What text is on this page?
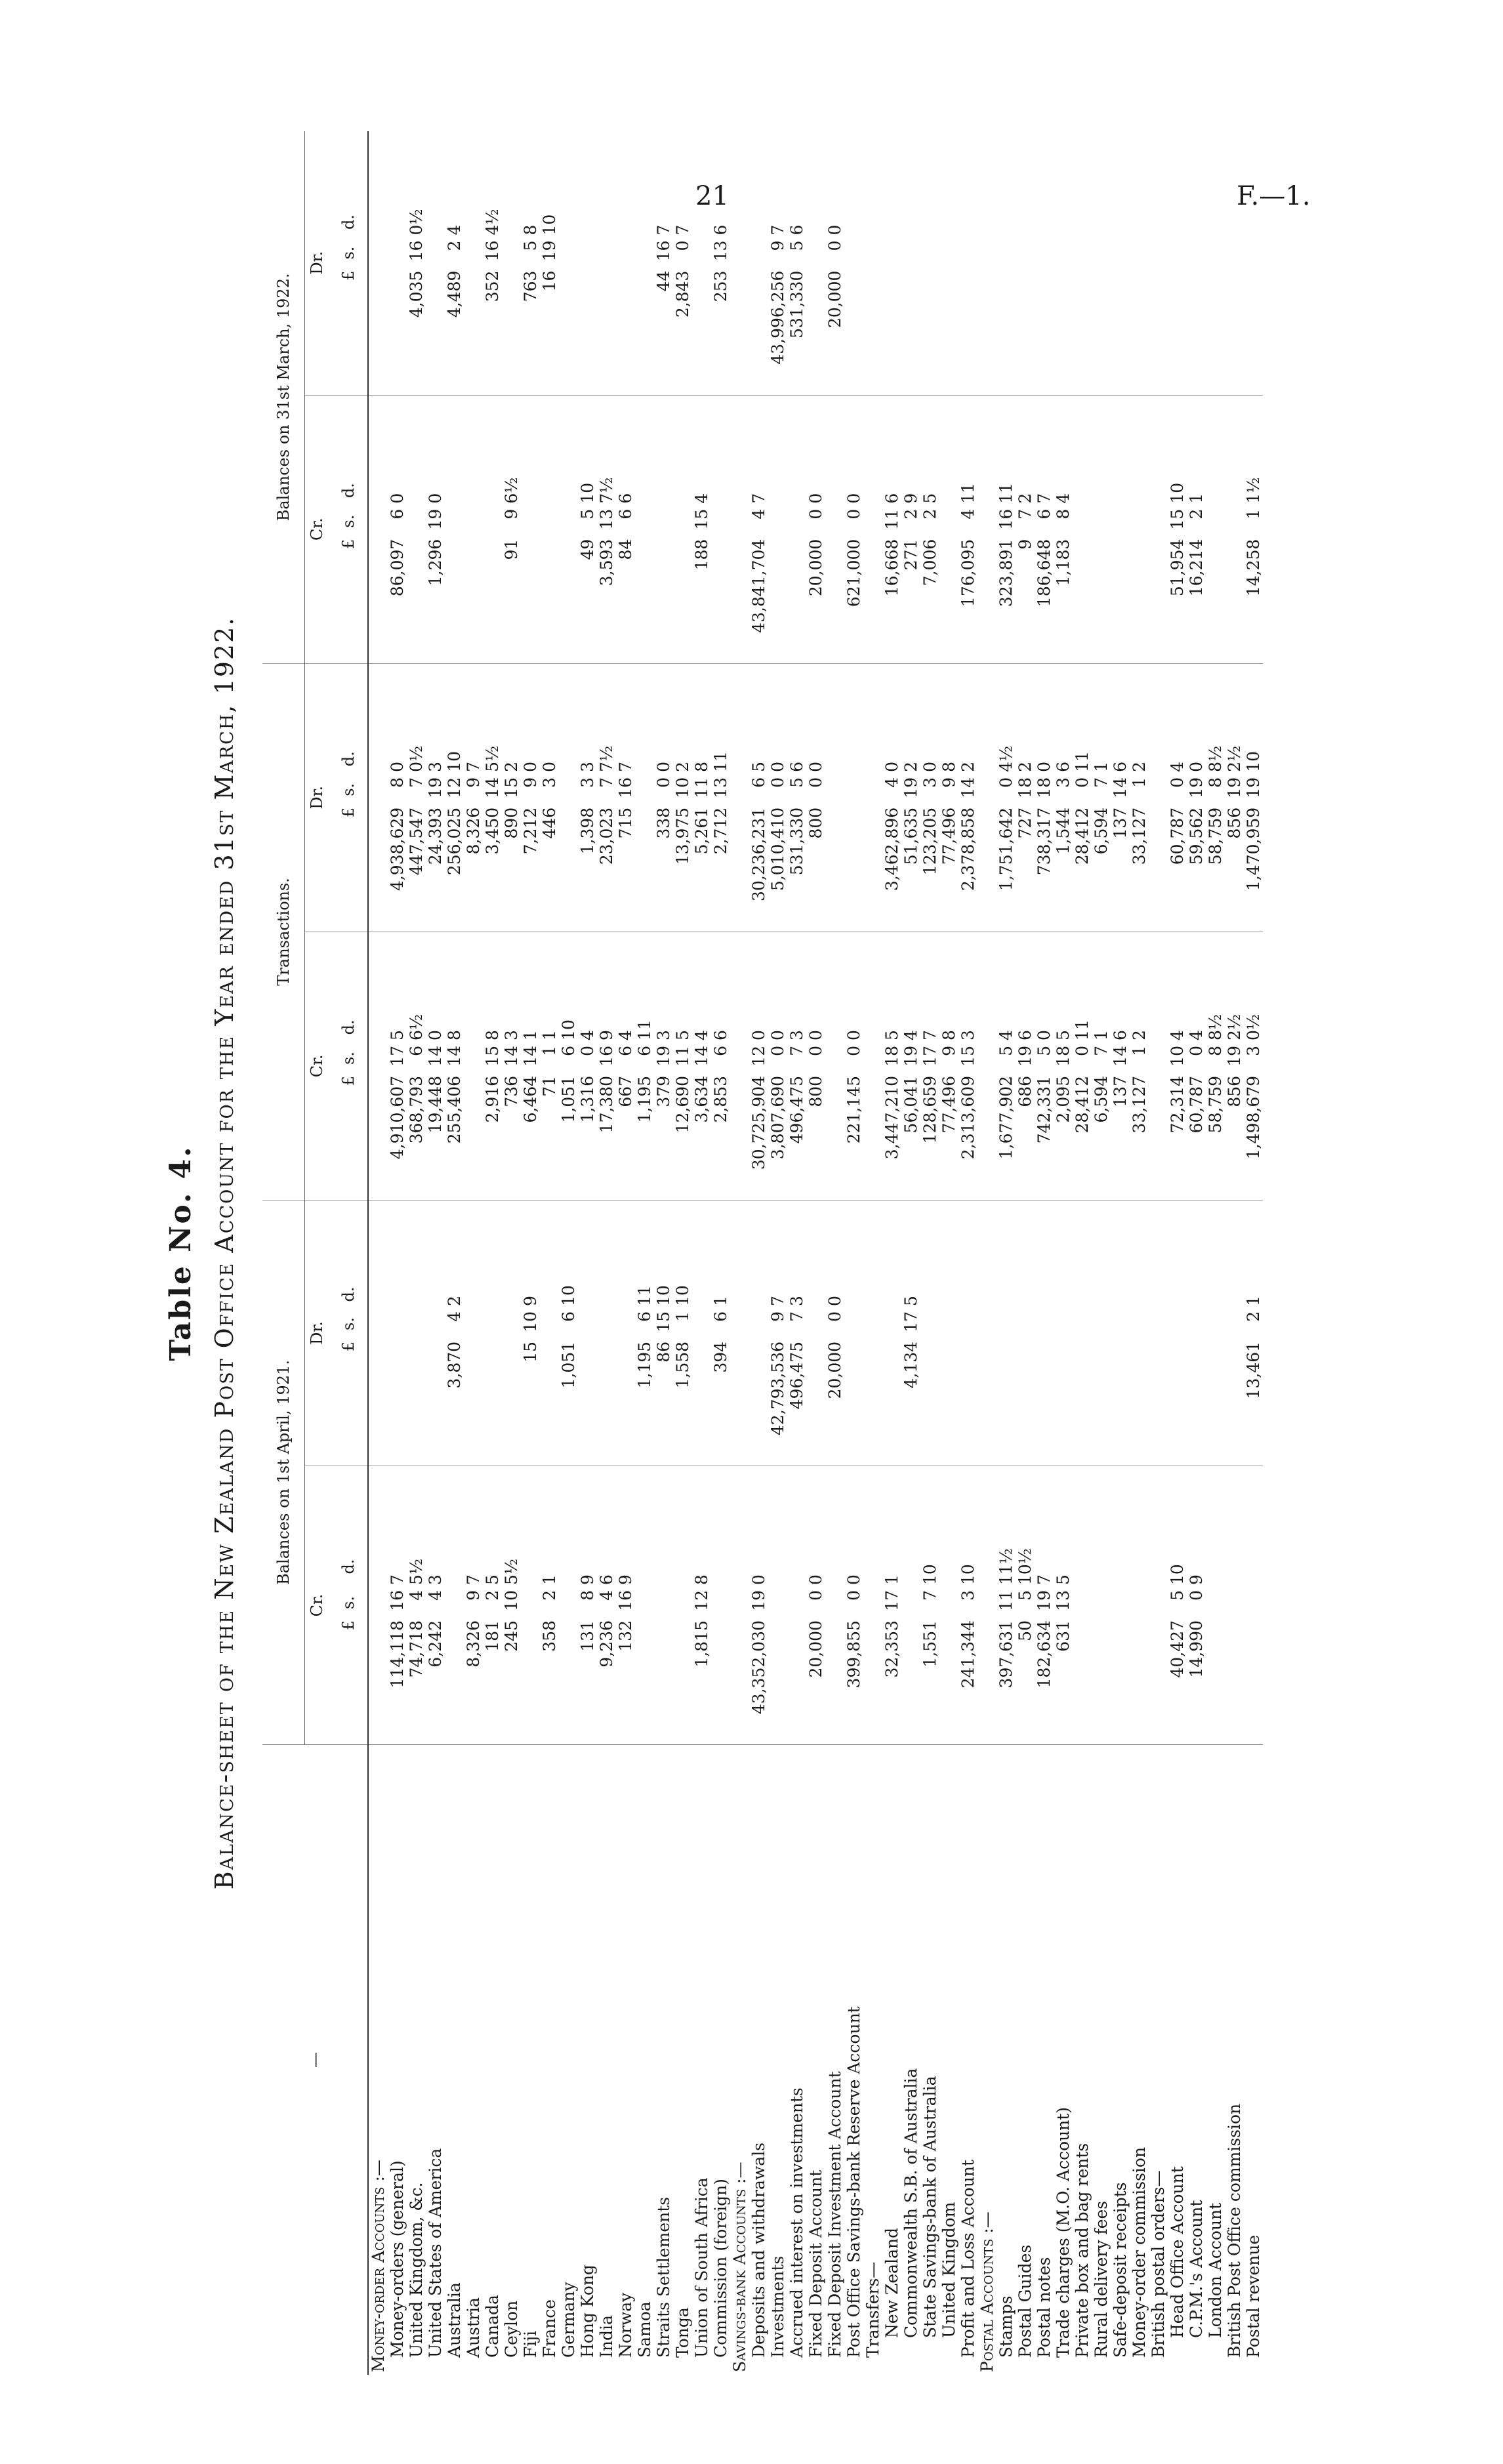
21	F.—1.
Table No. 4. Balance-sheet of the New Zealand Post Office Account for the Year ended 31st March, 1922.
—	Balances on 1st April, 1921.								Transactions.								Balances on 31st March, 1922.							
	Cr.				Dr.				Cr.				Dr.				Cr.				Dr.			
	£	s.	d.		£	s.	d.		£	s.	d.		£	s.	d.		£	s.	d.		£	s.	d.	
Money-order Accounts :—																								
Money-orders (general)	114,118	16	7						4,910,607	17	5		4,938,629	8	0		86,097	6	0					
United Kingdom, &c.	74,718	4	5½						368,793	6	6½		447,547	7	0½						4,035	16	0½	
United States of America	6,242	4	3						19,448	14	0		24,393	19	3		1,296	19	0					
Australia					3,870	4	2		255,406	14	8		256,025	12	10						4,489	2	4	
Austria	8,326	9	7										8,326	9	7									
Canada	181	2	5						2,916	15	8		3,450	14	5½						352	16	4½	
Ceylon	245	10	5½						736	14	3		890	15	2		91	9	6½					
Fiji					15	10	9		6,464	14	1		7,212	9	0						763	5	8	
France	358	2	1						71	1	1		446	3	0						16	19	10	
Germany					1,051	6	10		1,051	6	10													
Hong Kong	131	8	9						1,316	0	4		1,398	3	3		49	5	10					
India	9,236	4	6						17,380	16	9		23,023	7	7½		3,593	13	7½					
Norway	132	16	9						667	6	4		715	16	7		84	6	6					
Samoa					1,195	6	11		1,195	6	11													
Straits Settlements					86	15	10		379	19	3		338	0	0						44	16	7	
Tonga					1,558	1	10		12,690	11	5		13,975	10	2						2,843	0	7	
Union of South Africa	1,815	12	8						3,634	14	4		5,261	11	8		188	15	4					
Commission (foreign)					394	6	1		2,853	6	6		2,712	13	11						253	13	6	
Savings-bank Accounts :—																								
Deposits and withdrawals	43,352,030	19	0						30,725,904	12	0		30,236,231	6	5		43,841,704	4	7					
Investments					42,793,536	9	7		3,807,690	0	0		5,010,410	0	0						43,996,256	9	7	
Accrued interest on investments					496,475	7	3		496,475	7	3		531,330	5	6						531,330	5	6	
Fixed Deposit Account	20,000	0	0						800	0	0		800	0	0		20,000	0	0					
Fixed Deposit Investment Account					20,000	0	0														20,000	0	0	
Post Office Savings-bank Reserve Account	399,855	0	0						221,145	0	0						621,000	0	0					
Transfers—																								
New Zealand	32,353	17	1						3,447,210	18	5		3,462,896	4	0		16,668	11	6					
Commonwealth S.B. of Australia					4,134	17	5		56,041	19	4		51,635	19	2		271	2	9					
State Savings-bank of Australia	1,551	7	10						128,659	17	7		123,205	3	0		7,006	2	5					
United Kingdom									77,496	9	8		77,496	9	8									
Profit and Loss Account	241,344	3	10						2,313,609	15	3		2,378,858	14	2		176,095	4	11					
Postal Accounts :—																								
Stamps	397,631	11	11½						1,677,902	5	4		1,751,642	0	4½		323,891	16	11					
Postal Guides	50	5	10½						686	19	6		727	18	2		9	7	2					
Postal notes	182,634	19	7						742,331	5	0		738,317	18	0		186,648	6	7					
Trade charges (M.O. Account)	631	13	5						2,095	18	5		1,544	3	6		1,183	8	4					
Private box and bag rents									28,412	0	11		28,412	0	11									
Rural delivery fees									6,594	7	1		6,594	7	1									
Safe-deposit receipts									137	14	6		137	14	6									
Money-order commission									33,127	1	2		33,127	1	2									
British postal orders—																								
Head Office Account	40,427	5	10						72,314	10	4		60,787	0	4		51,954	15	10					
C.P.M.'s Account	14,990	0	9						60,787	0	4		59,562	19	0		16,214	2	1					
London Account									58,759	8	8½		58,759	8	8½									
British Post Office commission									856	19	2½		856	19	2½									
Postal revenue					13,461	2	1		1,498,679	3	0½		1,470,959	19	10		14,258	1	1½					
